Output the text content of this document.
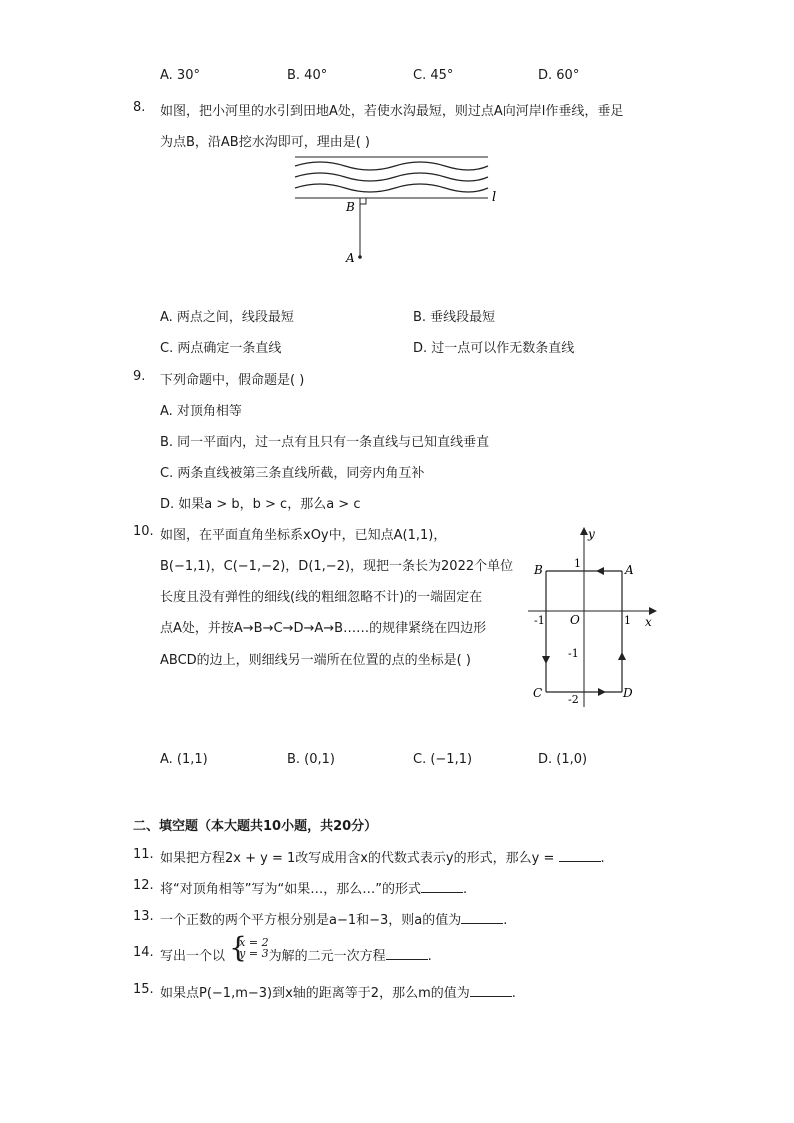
A. 30°	B. 40°	C. 45°	D. 60°
8. 如图，把小河里的水引到田地A处，若使水沟最短，则过点A向河岸l作垂线，垂足
为点B，沿AB挖水沟即可，理由是( )
B
A
l
A. 两点之间，线段最短	B. 垂线段最短
C. 两点确定一条直线	D. 过一点可以作无数条直线
9. 下列命题中，假命题是( )
A. 对顶角相等
B. 同一平面内，过一点有且只有一条直线与已知直线垂直
C. 两条直线被第三条直线所截，同旁内角互补
D. 如果a > b，b > c，那么a > c
10. 如图，在平面直角坐标系xOy中，已知点A(1,1)，
B(−1,1)，C(−1,−2)，D(1,−2)，现把一条长为2022个单位
长度且没有弹性的细线(线的粗细忽略不计)的一端固定在
点A处，并按A→B→C→D→A→B……的规律紧绕在四边形
ABCD的边上，则细线另一端所在位置的点的坐标是( )
y
x
O
A
B
C	D
1
-1	1
-1
-2
A. (1,1)	B. (0,1)	C. (−1,1)	D. (1,0)
二、填空题（本大题共10小题，共20分）
11. 如果把方程2x + y = 1改写成用含x的代数式表示y的形式，那么y =	.
12. 将“对顶角相等”写为“如果…，那么…”的形式	.
13. 一个正数的两个平方根分别是a−1和−3，则a的值为	.
14. 写出一个以 {
x = 2
y = 3 为解的二元一次方程	.
15. 如果点P(−1,m−3)到x轴的距离等于2，那么m的值为	.
